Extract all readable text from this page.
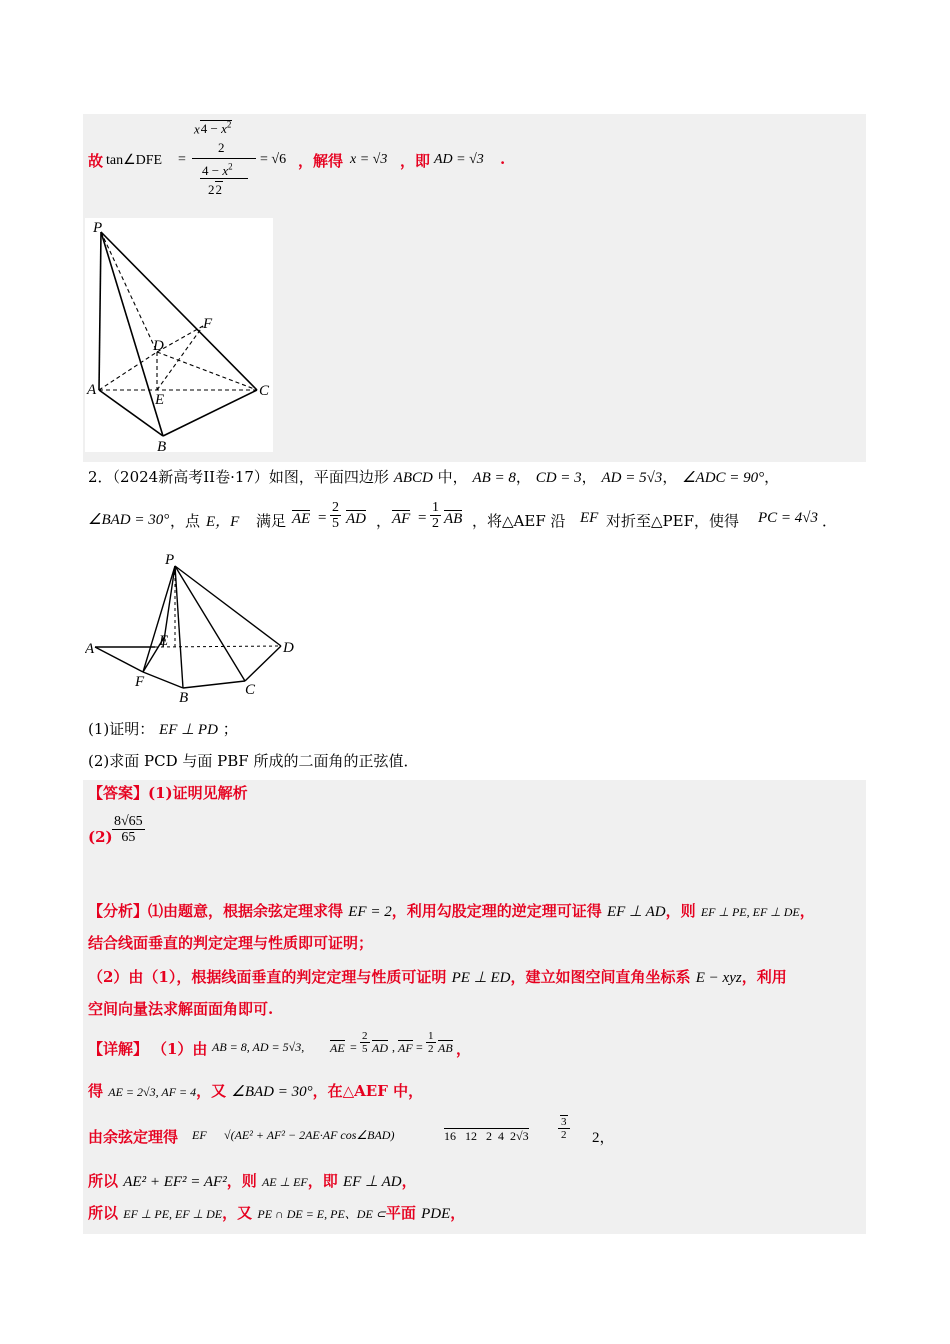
故 tan∠DFE =
$x4 - x^2$
2
$4 - x^2$
22
= √6 ，解得 x = √3 ，即 AD = √3 .
P
F
D
A
E
C
B
2．（2024新高考II卷·17）如图，平面四边形 ABCD 中， AB = 8， CD = 3， AD = 5√3， ∠ADC = 90°，
∠BAD = 30° ，点 E，F 满足 AE = $\frac{2}{5}$ AD ， AF = $\frac{1}{2}$ AB ，将△AEF 沿 EF 对折至△PEF，使得 PC = 4√3 ．
P
E
A	D
F
B	C
(1)证明： EF ⊥ PD ；
(2)求面 PCD 与面 PBF 所成的二面角的正弦值．
【答案】(1)证明见解析
$(2) \frac{8√65}{65}$
【分析】⑴由题意，根据余弦定理求得 EF = 2，利用勾股定理的逆定理可证得 EF ⊥ AD，则 EF ⊥ PE, EF ⊥ DE，
结合线面垂直的判定定理与性质即可证明；
（2）由（1），根据线面垂直的判定定理与性质可证明 PE ⊥ ED，建立如图空间直角坐标系 E − xyz，利用
空间向量法求解面面角即可.
【详解】 （1）由 AB = 8, AD = 5√3, AE = $\frac{2}{5}$ AD , AF = $\frac{1}{2}$ AB ，
得 AE = 2√3, AF = 4，又 ∠BAD = 30°，在△AEF 中，
由余弦定理得 EF √(AE² + AF² − 2AE·AF cos∠BAD)	16   12   2  4  2√3	$\frac{3}{2} 2$，
所以 AE² + EF² = AF²，则 AE ⊥ EF，即 EF ⊥ AD，
所以 EF ⊥ PE, EF ⊥ DE，又 PE ∩ DE = E, PE、DE ⊂平面 PDE，
